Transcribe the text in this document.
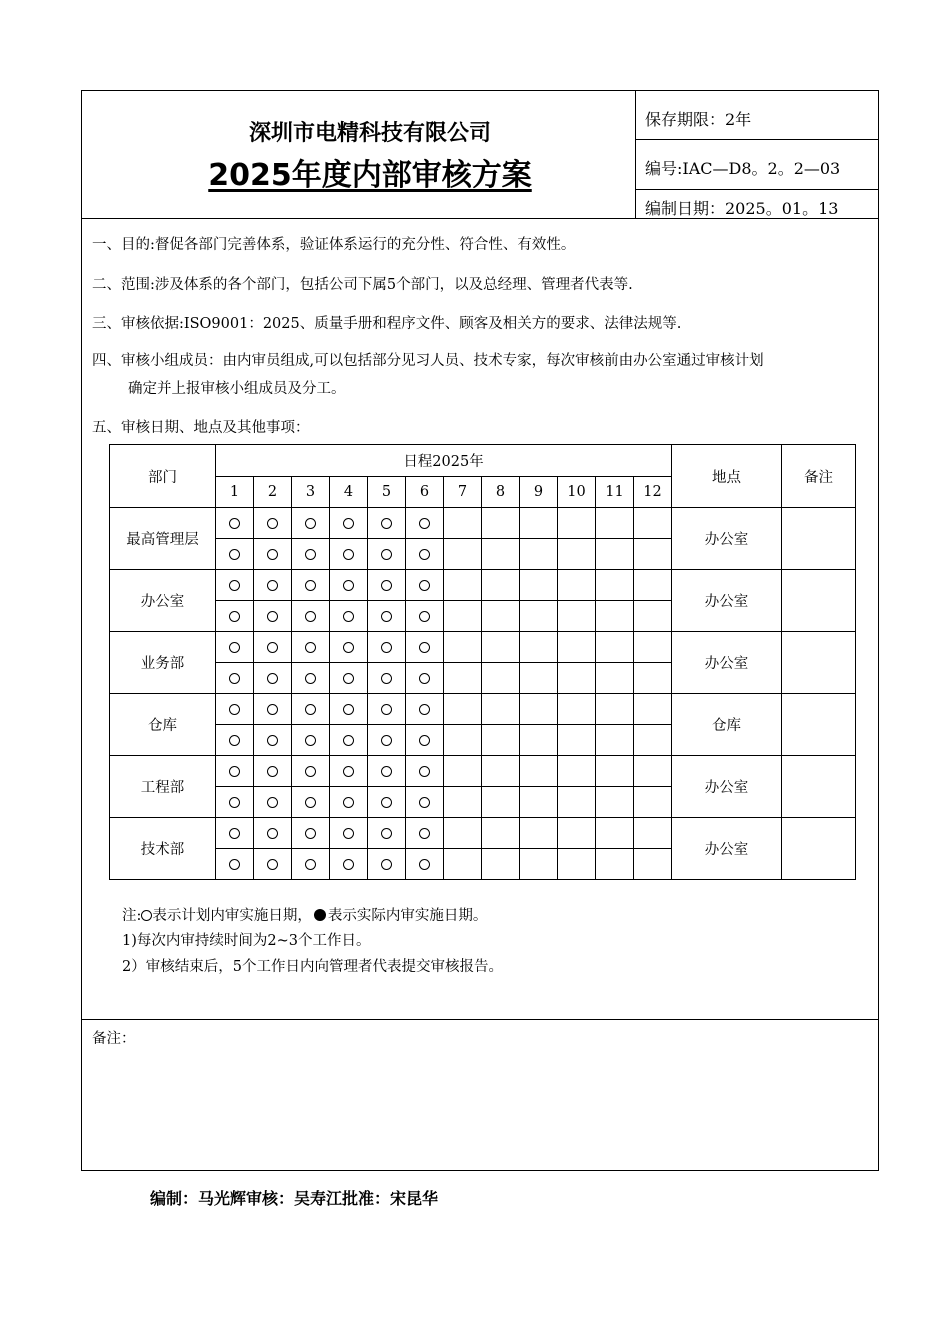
深圳市电精科技有限公司
2025年度内部审核方案
保存期限：2年
编号:IAC—D8。2。2—03
编制日期：2025。01。13
一、目的:督促各部门完善体系，验证体系运行的充分性、符合性、有效性。
二、范围:涉及体系的各个部门，包括公司下属5个部门，以及总经理、管理者代表等.
三、审核依据:ISO9001：2025、质量手册和程序文件、顾客及相关方的要求、法律法规等.
四、审核小组成员：由内审员组成,可以包括部分见习人员、技术专家，每次审核前由办公室通过审核计划
确定并上报审核小组成员及分工。
五、审核日期、地点及其他事项：
部门	日程2025年												地点	备注
	1	2	3	4	5	6	7	8	9	10	11	12		
最高管理层													办公室	

办公室													办公室	

业务部													办公室	

仓库													仓库	

工程部													办公室	

技术部													办公室	

注: 表示计划内审实施日期， 表示实际内审实施日期。
1)每次内审持续时间为2~3个工作日。
2）审核结束后，5个工作日内向管理者代表提交审核报告。
备注：
编制：马光辉审核：吴寿江批准：宋昆华
